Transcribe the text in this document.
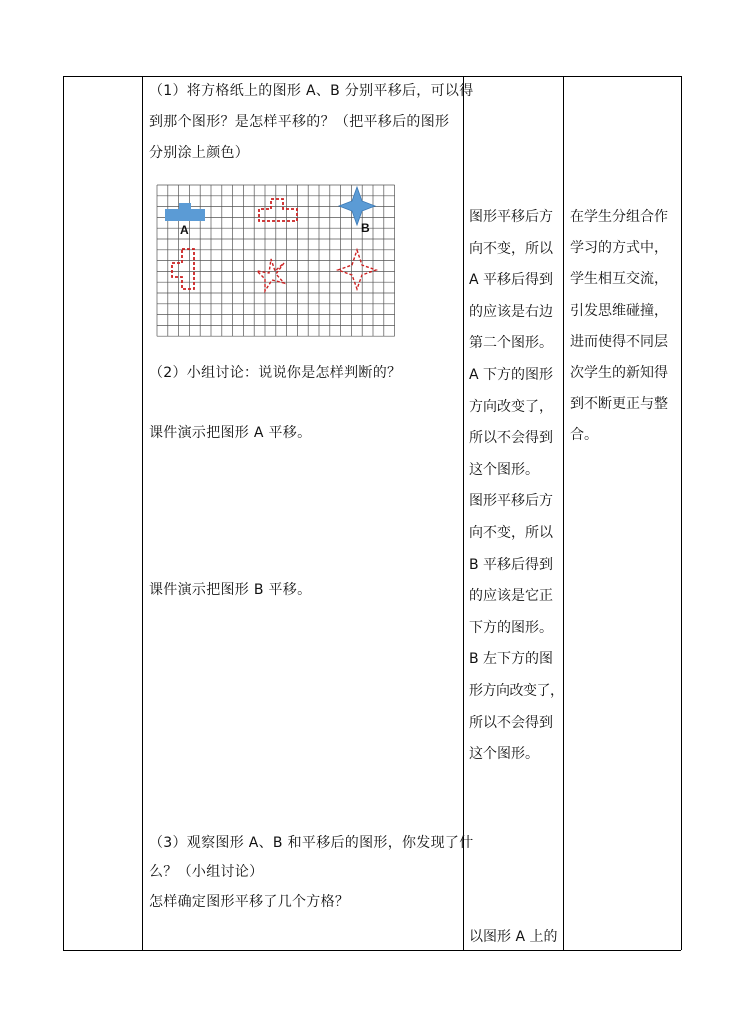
（1）将方格纸上的图形 A、B 分别平移后，可以得
到那个图形？是怎样平移的？（把平移后的图形
分别涂上颜色）
A	B
（2）小组讨论：说说你是怎样判断的？
课件演示把图形 A 平移。
课件演示把图形 B 平移。
（3）观察图形 A、B 和平移后的图形，你发现了什
么？（小组讨论）
怎样确定图形平移了几个方格？
图形平移后方
向不变，所以
A 平移后得到
的应该是右边
第二个图形。
A 下方的图形
方向改变了，
所以不会得到
这个图形。
图形平移后方
向不变，所以
B 平移后得到
的应该是它正
下方的图形。
B 左下方的图
形方向改变了，
所以不会得到
这个图形。
以图形 A 上的
在学生分组合作
学习的方式中，
学生相互交流，
引发思维碰撞，
进而使得不同层
次学生的新知得
到不断更正与整
合。
